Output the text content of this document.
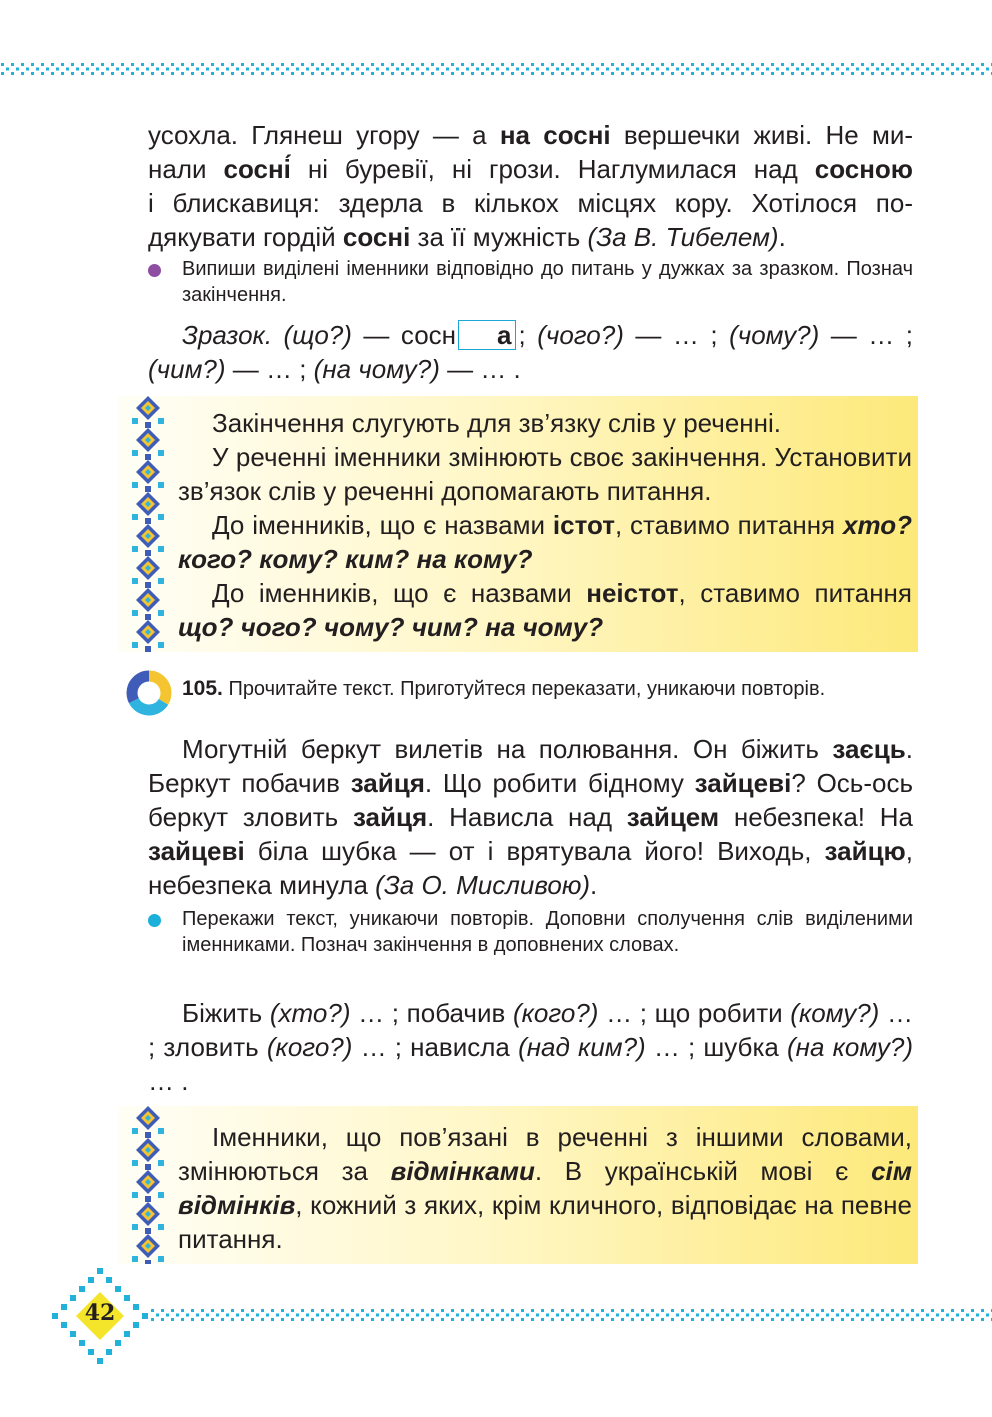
усохла. Глянеш угору — а на сосні вершечки живі. Не ми-

нали сосні́ ні буревії, ні грози. Наглумилася над сосною

і блискавиця: здерла в кількох місцях кору. Хотілося по-

дякувати гордій сосні за її мужність (За В. Тибелем).

Випиши виділені іменники відповідно до питань у дужках за зразком. Познач закінчення.

Зразок. (що?) — сосн а ; (чого?) — … ; (чому?) — … ;

(чим?) — … ; (на чому?) — … .

Закінчення слугують для зв’язку слів у реченні.

У реченні іменники змінюють своє закінчення. Установити зв’язок слів у реченні допомагають питання.

До іменників, що є назвами істот, ставимо питання хто? кого? кому? ким? на кому?

До іменників, що є назвами неістот, ставимо питання що? чого? чому? чим? на чому?

105. Прочитайте текст. Приготуйтеся переказати, уникаючи повторів.

Могутній беркут вилетів на полювання. Он біжить заєць. Беркут побачив зайця. Що робити бідному зайцеві? Ось-ось беркут зловить зайця. Нависла над зайцем небезпека! На зайцеві біла шубка — от і врятувала його! Виходь, зайцю, небезпека минула (За О. Мисливою).

Перекажи текст, уникаючи повторів. Доповни сполучення слів виділеними іменниками. Познач закінчення в доповнених словах.

Біжить (хто?) … ; побачив (кого?) … ; що робити (кому?) … ; зловить (кого?) … ; нависла (над ким?) … ; шубка (на кому?) … .

Іменники, що пов’язані в реченні з іншими словами, змінюються за відмінками. В українській мові є сім відмінків, кожний з яких, крім кличного, відповідає на певне питання.

42
